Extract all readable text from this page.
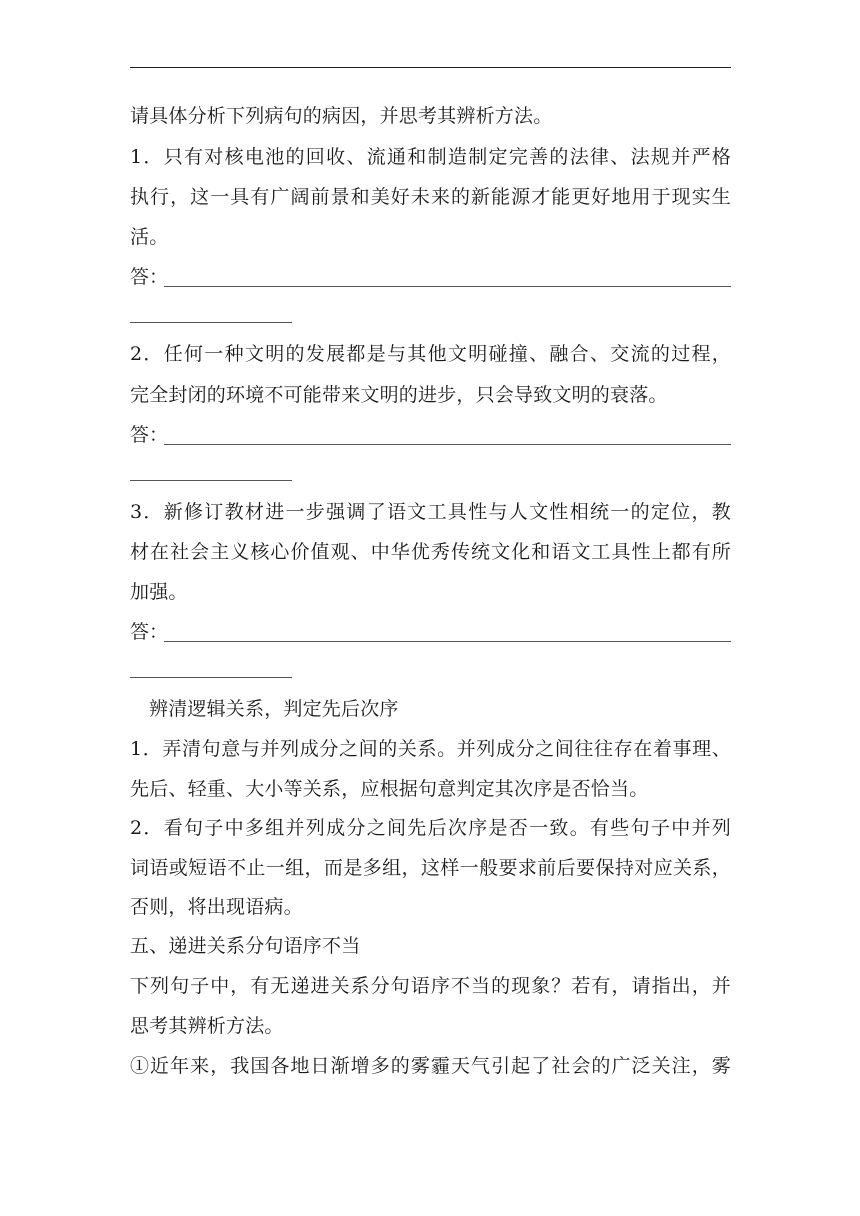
请具体分析下列病句的病因，并思考其辨析方法。
1．只有对核电池的回收、流通和制造制定完善的法律、法规并严格
执行，这一具有广阔前景和美好未来的新能源才能更好地用于现实生
活。
答：
2．任何一种文明的发展都是与其他文明碰撞、融合、交流的过程，
完全封闭的环境不可能带来文明的进步，只会导致文明的衰落。
答：
3．新修订教材进一步强调了语文工具性与人文性相统一的定位，教
材在社会主义核心价值观、中华优秀传统文化和语文工具性上都有所
加强。
答：
辨清逻辑关系，判定先后次序
1．弄清句意与并列成分之间的关系。并列成分之间往往存在着事理、
先后、轻重、大小等关系，应根据句意判定其次序是否恰当。
2．看句子中多组并列成分之间先后次序是否一致。有些句子中并列
词语或短语不止一组，而是多组，这样一般要求前后要保持对应关系，
否则，将出现语病。
五、递进关系分句语序不当
下列句子中，有无递进关系分句语序不当的现象？若有，请指出，并
思考其辨析方法。
①近年来，我国各地日渐增多的雾霾天气引起了社会的广泛关注，雾
